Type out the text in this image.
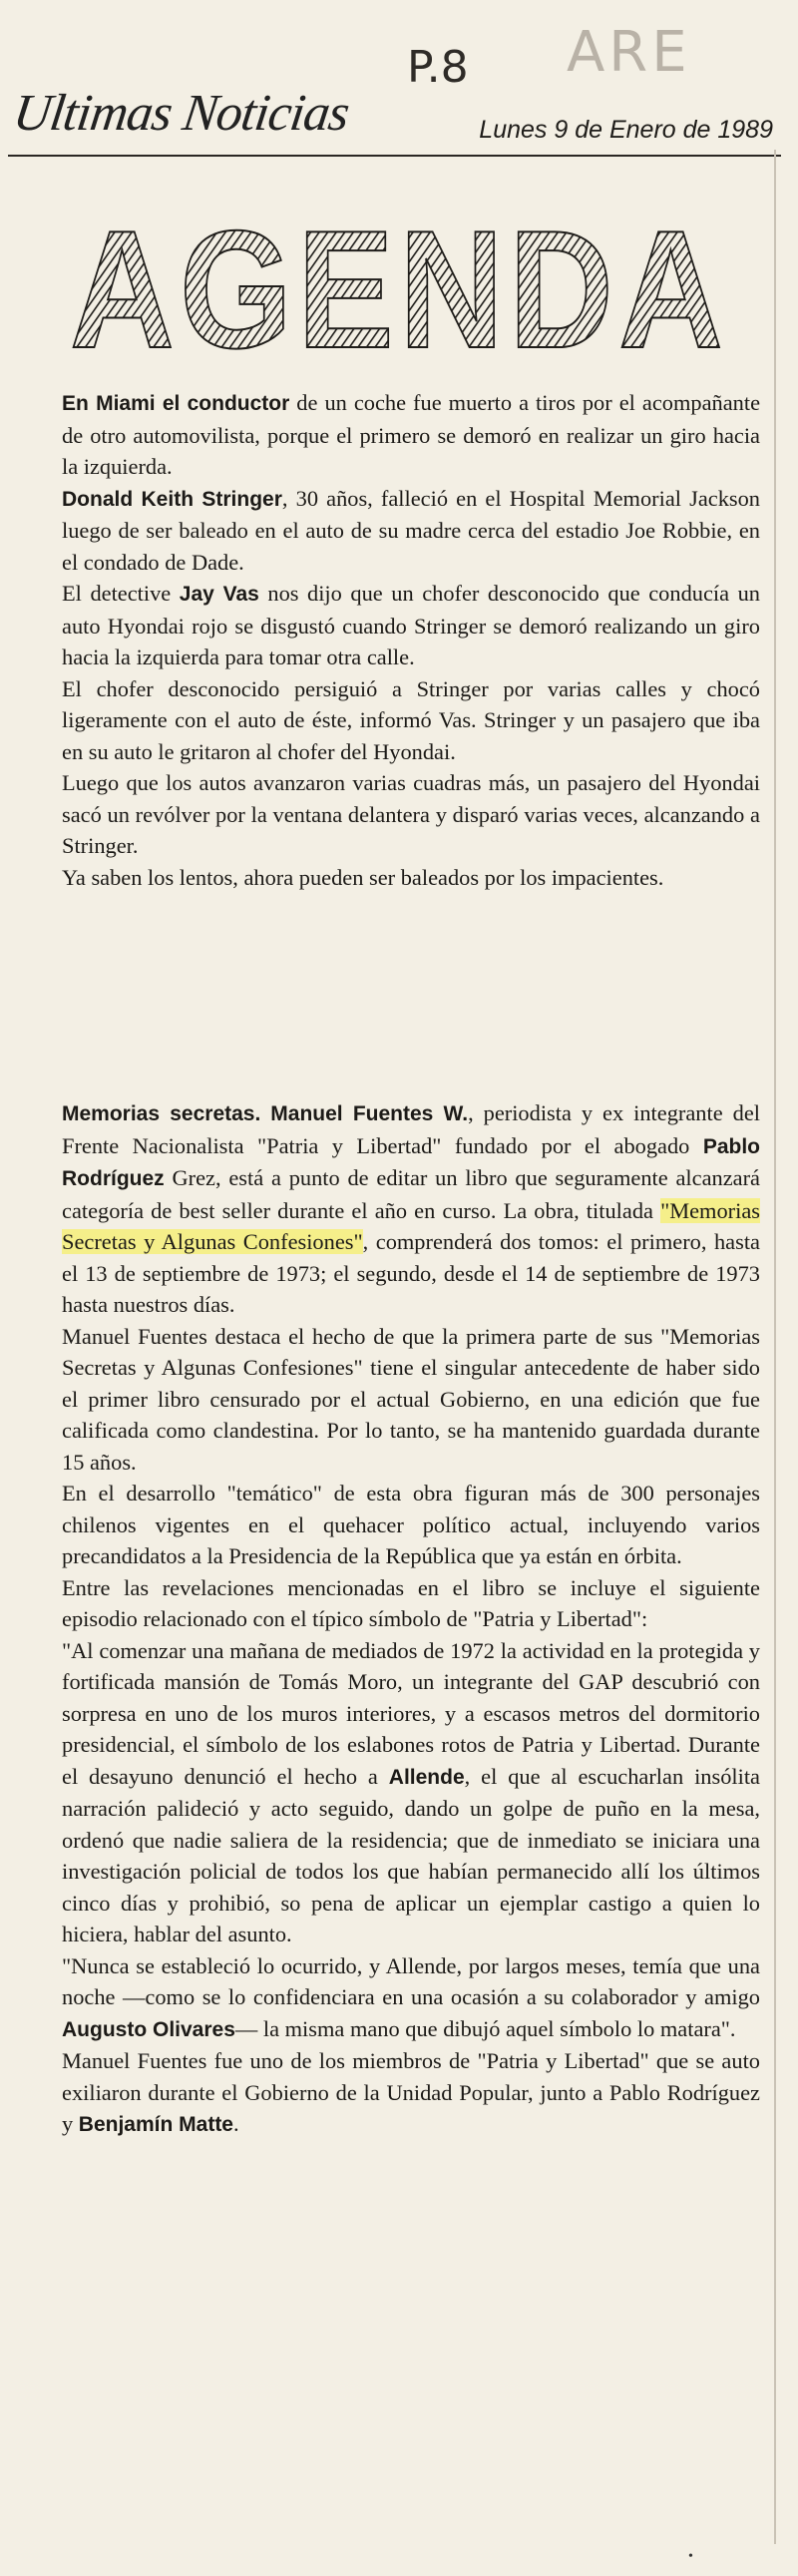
Ultimas Noticias
P.8 ARE
Lunes 9 de Enero de 1989
AGENDA

En Miami el conductor de un coche fue muerto a tiros por el acompañante de otro automovilista, porque el primero se demoró en realizar un giro hacia la izquierda.

Donald Keith Stringer, 30 años, falleció en el Hospital Memorial Jackson luego de ser baleado en el auto de su madre cerca del estadio Joe Robbie, en el condado de Dade.

El detective Jay Vas nos dijo que un chofer desconocido que conducía un auto Hyondai rojo se disgustó cuando Stringer se demoró realizando un giro hacia la izquierda para tomar otra calle.

El chofer desconocido persiguió a Stringer por varias calles y chocó ligeramente con el auto de éste, informó Vas. Stringer y un pasajero que iba en su auto le gritaron al chofer del Hyondai.

Luego que los autos avanzaron varias cuadras más, un pasajero del Hyondai sacó un revólver por la ventana delantera y disparó varias veces, alcanzando a Stringer.

Ya saben los lentos, ahora pueden ser baleados por los impacientes.

Memorias secretas. Manuel Fuentes W., periodista y ex integrante del Frente Nacionalista "Patria y Libertad" fundado por el abogado Pablo Rodríguez Grez, está a punto de editar un libro que seguramente alcanzará categoría de best seller durante el año en curso. La obra, titulada "Memorias Secretas y Algunas Confesiones", comprenderá dos tomos: el primero, hasta el 13 de septiembre de 1973; el segundo, desde el 14 de septiembre de 1973 hasta nuestros días.

Manuel Fuentes destaca el hecho de que la primera parte de sus "Memorias Secretas y Algunas Confesiones" tiene el singular antecedente de haber sido el primer libro censurado por el actual Gobierno, en una edición que fue calificada como clandestina. Por lo tanto, se ha mantenido guardada durante 15 años.

En el desarrollo "temático" de esta obra figuran más de 300 personajes chilenos vigentes en el quehacer político actual, incluyendo varios precandidatos a la Presidencia de la República que ya están en órbita.

Entre las revelaciones mencionadas en el libro se incluye el siguiente episodio relacionado con el típico símbolo de "Patria y Libertad":

"Al comenzar una mañana de mediados de 1972 la actividad en la protegida y fortificada mansión de Tomás Moro, un integrante del GAP descubrió con sorpresa en uno de los muros interiores, y a escasos metros del dormitorio presidencial, el símbolo de los eslabones rotos de Patria y Libertad. Durante el desayuno denunció el hecho a Allende, el que al escucharlan insólita narración palideció y acto seguido, dando un golpe de puño en la mesa, ordenó que nadie saliera de la residencia; que de inmediato se iniciara una investigación policial de todos los que habían permanecido allí los últimos cinco días y prohibió, so pena de aplicar un ejemplar castigo a quien lo hiciera, hablar del asunto.

"Nunca se estableció lo ocurrido, y Allende, por largos meses, temía que una noche —como se lo confidenciara en una ocasión a su colaborador y amigo Augusto Olivares— la misma mano que dibujó aquel símbolo lo matara".

Manuel Fuentes fue uno de los miembros de "Patria y Libertad" que se auto exiliaron durante el Gobierno de la Unidad Popular, junto a Pablo Rodríguez y Benjamín Matte.

•
